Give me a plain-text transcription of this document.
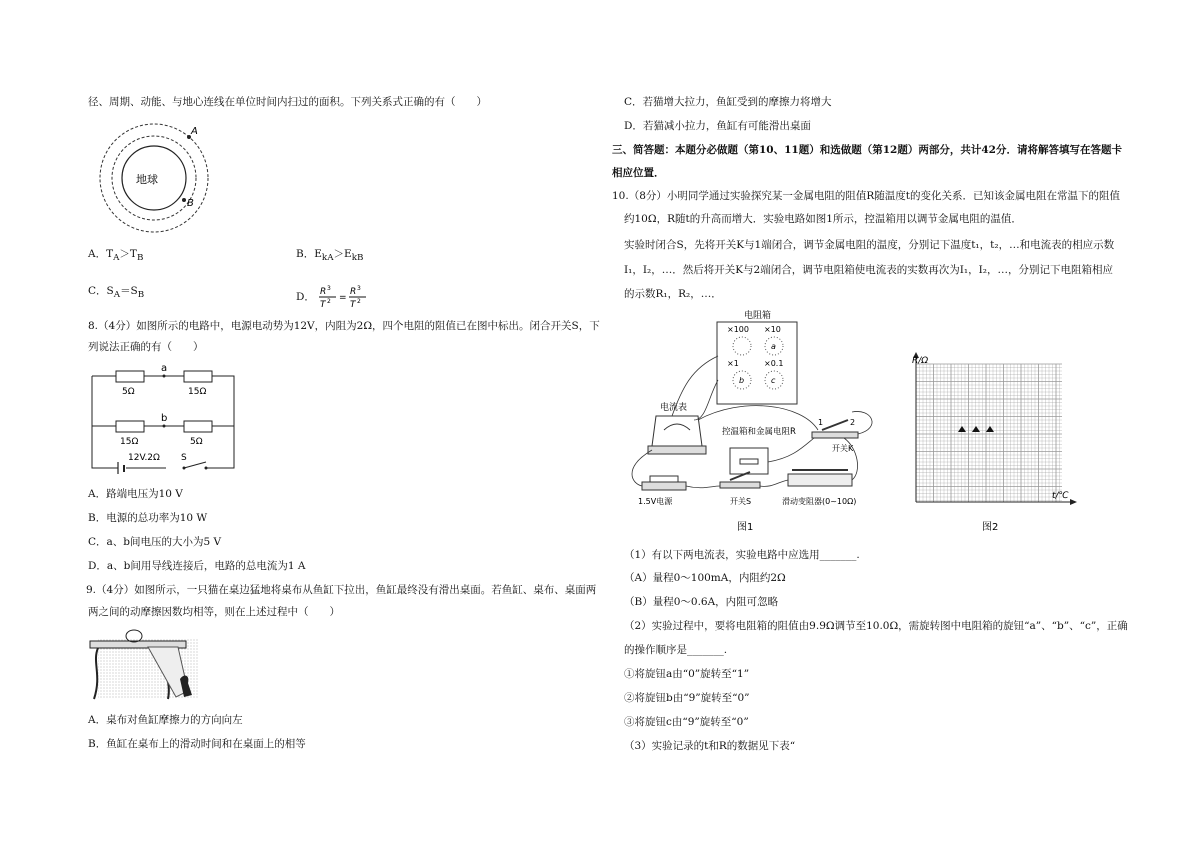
径、周期、动能、与地心连线在单位时间内扫过的面积。下列关系式正确的有（　　）
地球
A
B
A．$T_A>T_B$	B．$E_{kA}>E_{kB}$
C．$S_A=S_B$	D． R 3
T 2 =
R 3
T 2
8.（4分）如图所示的电路中，电源电动势为12V，内阻为2Ω，四个电阻的阻值已在图中标出。闭合开关S，下
列说法正确的有（　　）
a
b
5Ω	15Ω
15Ω	5Ω
12V.2Ω S
A．路端电压为10 V
B．电源的总功率为10 W
C．a、b间电压的大小为5 V
D．a、b间用导线连接后，电路的总电流为1 A
9.（4分）如图所示，一只猫在桌边猛地将桌布从鱼缸下拉出，鱼缸最终没有滑出桌面。若鱼缸、桌布、桌面两
两之间的动摩擦因数均相等，则在上述过程中（　　）
A．桌布对鱼缸摩擦力的方向向左
B．鱼缸在桌布上的滑动时间和在桌面上的相等
C．若猫增大拉力，鱼缸受到的摩擦力将增大
D．若猫减小拉力，鱼缸有可能滑出桌面
三、简答题：本题分必做题（第10、11题）和选做题（第12题）两部分，共计42分．请将解答填写在答题卡
相应位置．
10.（8分）小明同学通过实验探究某一金属电阻的阻值R随温度t的变化关系．已知该金属电阻在常温下的阻值
约10Ω，R随t的升高而增大．实验电路如图1所示，控温箱用以调节金属电阻的温值．
实验时闭合S，先将开关K与1端闭合，调节金属电阻的温度，分别记下温度t₁，t₂，…和电流表的相应示数
I₁，I₂，…．然后将开关K与2端闭合，调节电阻箱使电流表的实数再次为I₁，I₂，…，分别记下电阻箱相应
的示数R₁，R₂，…．
电阻箱
×100 ×10
a
×1	×0.1
b	c
电流表
控温箱和金属电阻R
1	2
开关K
1.5V电源	开关S	滑动变阻器(0~10Ω)
图1
R/Ω
t/℃
图2
（1）有以下两电流表，实验电路中应选用_______.
（A）量程0～100mA，内阻约2Ω
（B）量程0～0.6A，内阻可忽略
（2）实验过程中，要将电阻箱的阻值由9.9Ω调节至10.0Ω，需旋转图中电阻箱的旋钮“a”、“b”、“c”，正确
的操作顺序是_______.
①将旋钮a由“0”旋转至“1”
②将旋钮b由“9”旋转至“0”
③将旋钮c由“9”旋转至“0”
（3）实验记录的t和R的数据见下表“
